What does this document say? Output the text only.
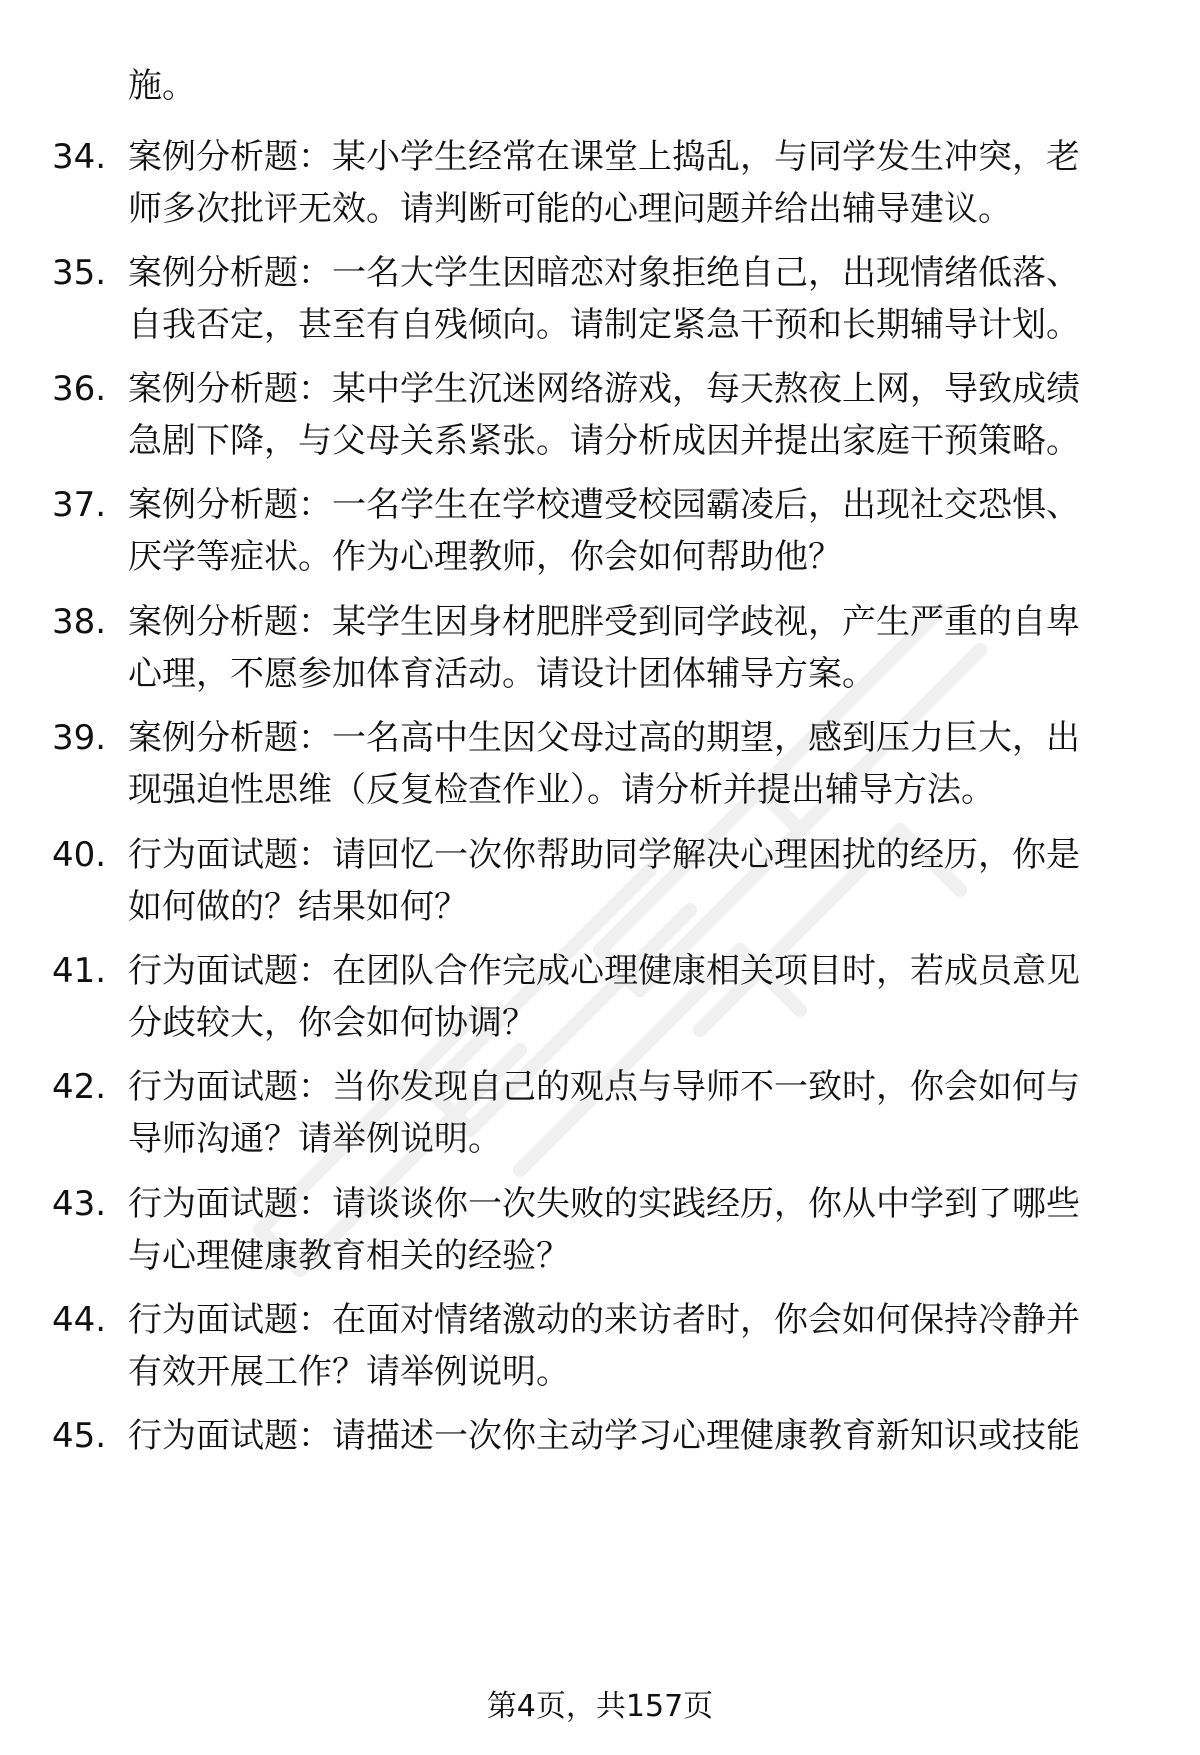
施。
34. 案例分析题：某小学生经常在课堂上捣乱，与同学发生冲突，老
师多次批评无效。请判断可能的心理问题并给出辅导建议。
35. 案例分析题：一名大学生因暗恋对象拒绝自己，出现情绪低落、
自我否定，甚至有自残倾向。请制定紧急干预和长期辅导计划。
36. 案例分析题：某中学生沉迷网络游戏，每天熬夜上网，导致成绩
急剧下降，与父母关系紧张。请分析成因并提出家庭干预策略。
37. 案例分析题：一名学生在学校遭受校园霸凌后，出现社交恐惧、
厌学等症状。作为心理教师，你会如何帮助他？
38. 案例分析题：某学生因身材肥胖受到同学歧视，产生严重的自卑
心理，不愿参加体育活动。请设计团体辅导方案。
39. 案例分析题：一名高中生因父母过高的期望，感到压力巨大，出
现强迫性思维（反复检查作业）。请分析并提出辅导方法。
40. 行为面试题：请回忆一次你帮助同学解决心理困扰的经历，你是
如何做的？结果如何？
41. 行为面试题：在团队合作完成心理健康相关项目时，若成员意见
分歧较大，你会如何协调？
42. 行为面试题：当你发现自己的观点与导师不一致时，你会如何与
导师沟通？请举例说明。
43. 行为面试题：请谈谈你一次失败的实践经历，你从中学到了哪些
与心理健康教育相关的经验？
44. 行为面试题：在面对情绪激动的来访者时，你会如何保持冷静并
有效开展工作？请举例说明。
45. 行为面试题：请描述一次你主动学习心理健康教育新知识或技能
第4页，共157页
